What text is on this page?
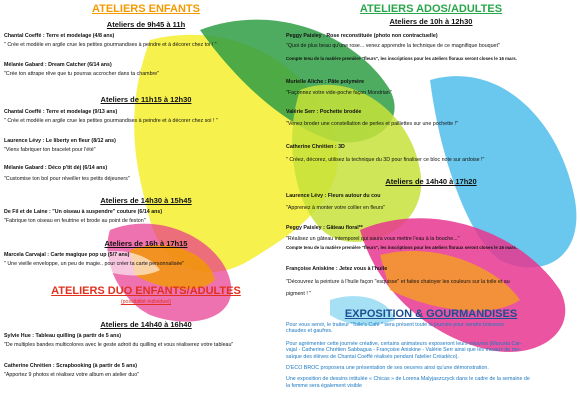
ATELIERS ENFANTS
Ateliers de 9h45 à 11h
Chantal Coeffé : Terre et modelage (4/8 ans)
" Crée et modèle en argile crue les petites gourmandises à peindre et à décorer chez toi ! "
Mélanie Gabard : Dream Catcher (6/14 ans)
"Crée ton attrape rêve que tu pourras accrocher dans ta chambre"
Ateliers de 11h15 à 12h30
Chantal Coeffé : Terre et modelage (9/13 ans)
" Crée et modèle en argile crue les petites gourmandises à peindre et à décorer chez soi ! "
Laurence Lévy : Le liberty en fleur (8/12 ans)
"Viens fabriquer ton bracelet pour l'été"
Mélanie Gabard : Déco p'tit déj (6/14 ans)
"Customise ton bol pour réveiller tes petits déjeuners"
Ateliers de 14h30 à 15h45
De Fil et de Laine : "Un oiseau à suspendre" couture (6/14 ans)
"Fabrique ton oiseau en feutrine et brode au point de feston"
Ateliers de 16h à 17h15
Marcela Carvajal : Carte magique pop up (5/7 ans)
" Une vieille enveloppe, un peu de magie.. pour créer ta carte personnalisée"
ATELIERS DUO ENFANTS/ADULTES
(possibilité individuel)
Ateliers de 14h40 à 16h40
Sylvie Hue : Tableau quilling (à partir de 5 ans)
"De multiples bandes multicolores avec le geste adroit du quilling et vous réaliserez votre tableau"
Catherine Chrétien : Scrapbooking (à partir de 5 ans)
"Apportez 9 photos et réalisez votre album en atelier duo"
ATELIERS ADOS/ADULTES
Ateliers de 10h à 12h30
Peggy Paisley : Rose reconstituée (photo non contractuelle)
"Quoi de plus beau qu'une rose... venez apprendre la technique de ce magnifique bouquet"
Compte tenu de la matière première "fleurs", les inscriptions pour les ateliers floraux seront closes le 16 mars.
Murielle Aliche : Pâte polymère
"Façonnez votre vide-poche façon Mondrian"
Valérie Serr : Pochette brodée
"Venez broder une constellation de perles et paillettes sur une pochette !"
Catherine Chrétien : 3D
" Créez, décorez, utilisez la technique du 3D pour finaliser ce bloc note sur ardoise !"
Ateliers de 14h40 à 17h20
Laurence Lévy : Fleurs autour du cou
"Apprenez à monter votre collier en fleurs"
Peggy Paisley : Gâteau floral**
"Réalisez un gâteau intemporel qui saura vous mettre l'eau à la bouche..."
Compte tenu de la matière première "fleurs", les inscriptions pour les ateliers floraux seront closes le 16 mars.
Françoise Aniskine : Jetez vous à l'huile
"Découvrez la peinture à l'huile façon "esquisse" et faites chatoyer les couleurs sur la toile et au
pigment ! "
EXPOSITION & GOURMANDISES
Pour vous servir, le traiteur "Toile's Café " sera présent toute la journée pour vendre boissons
chaudes et gaufres.
Pour agrémenter cette journée créative, certains animateurs exposeront leurs oeuvres (Marcela Car-
vajal - Catherine Chrétien Sabbagua - Françoise Aniskine - Valérie Serr ainsi que les travaux de mo-
saïque des élèves de Chantal Coeffé réalisés pendant l'atelier Créadéco).
D'ECO BROC proposera une présentation de ses oeuvres ainsi qu'une démonstration.
Une exposition de dessins intitulée « Chicas » de Lorena Malyjaszczyck dans le cadre de la semaine de
la femme sera également visible
